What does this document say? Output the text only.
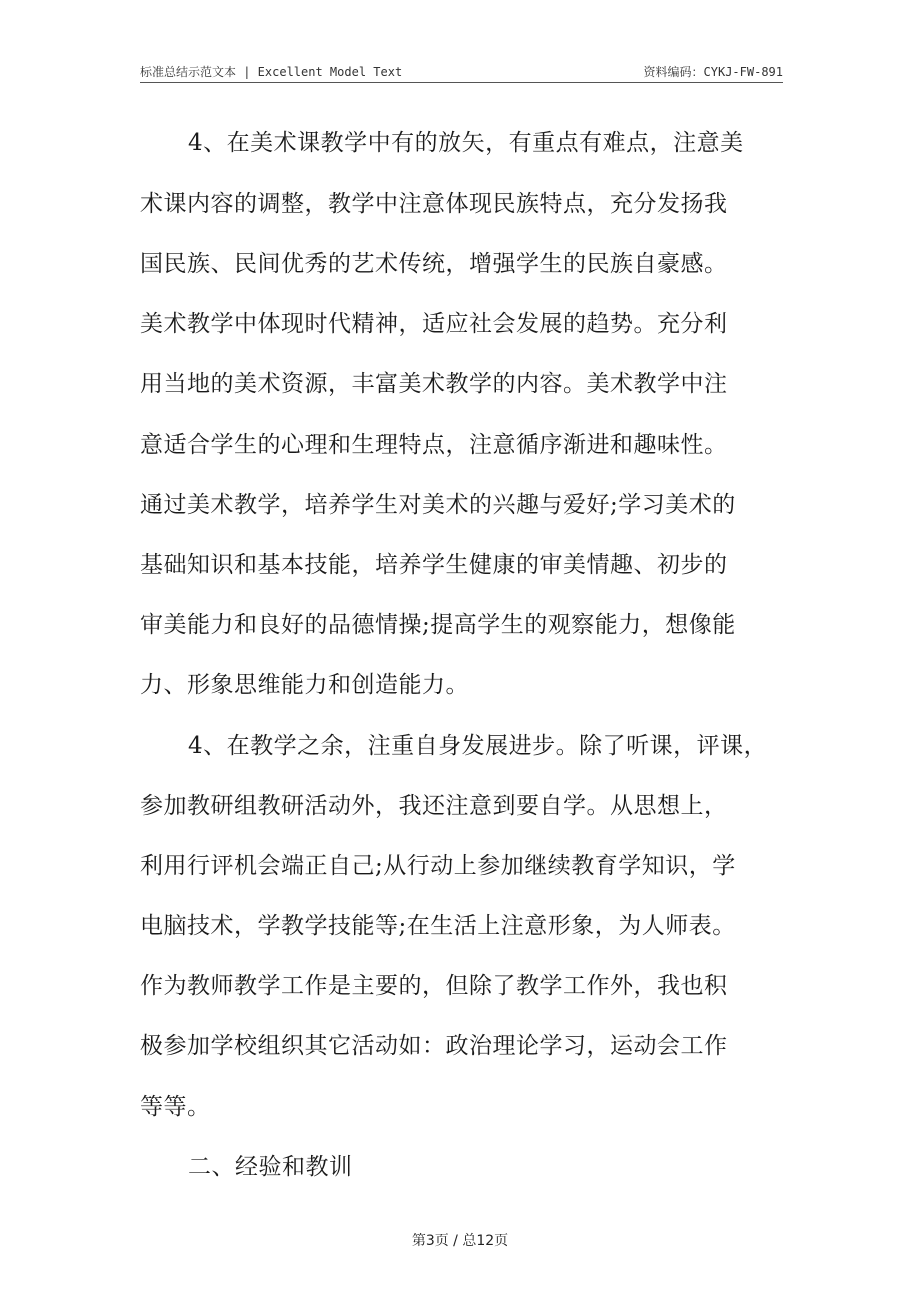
标准总结示范文本 | Excellent Model Text	资料编码：CYKJ-FW-891
4、在美术课教学中有的放矢，有重点有难点，注意美
术课内容的调整，教学中注意体现民族特点，充分发扬我
国民族、民间优秀的艺术传统，增强学生的民族自豪感。
美术教学中体现时代精神，适应社会发展的趋势。充分利
用当地的美术资源，丰富美术教学的内容。美术教学中注
意适合学生的心理和生理特点，注意循序渐进和趣味性。
通过美术教学，培养学生对美术的兴趣与爱好;学习美术的
基础知识和基本技能，培养学生健康的审美情趣、初步的
审美能力和良好的品德情操;提高学生的观察能力，想像能
力、形象思维能力和创造能力。
4、在教学之余，注重自身发展进步。除了听课，评课，
参加教研组教研活动外，我还注意到要自学。从思想上，
利用行评机会端正自己;从行动上参加继续教育学知识，学
电脑技术，学教学技能等;在生活上注意形象，为人师表。
作为教师教学工作是主要的，但除了教学工作外，我也积
极参加学校组织其它活动如：政治理论学习，运动会工作
等等。
二、经验和教训
第3页 / 总12页
